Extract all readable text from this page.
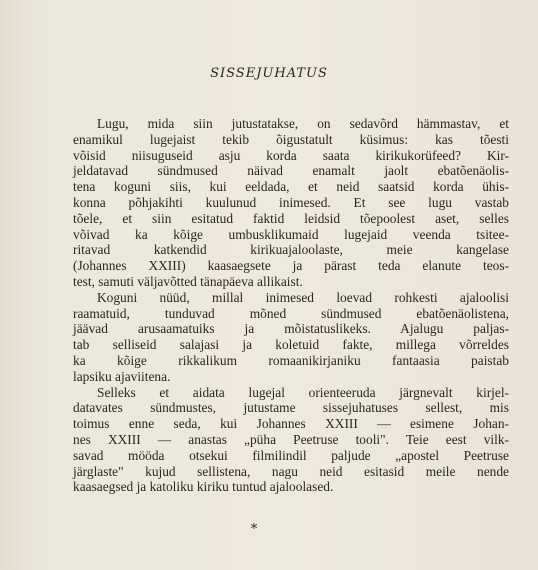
SISSEJUHATUS

Lugu, mida siin jutustatakse, on sedavõrd hämmastav, et
enamikul lugejaist tekib õigustatult küsimus: kas tõesti
võisid niisuguseid asju korda saata kirikukorüfeed? Kir-
jeldatavad sündmused näivad enamalt jaolt ebatõenäolis-
tena koguni siis, kui eeldada, et neid saatsid korda ühis-
konna põhjakihti kuulunud inimesed. Et see lugu vastab
tõele, et siin esitatud faktid leidsid tõepoolest aset, selles
võivad ka kõige umbusklikumaid lugejaid veenda tsitee-
ritavad katkendid kirikuajaloolaste, meie kangelase
(Johannes XXIII) kaasaegsete ja pärast teda elanute teos-
test, samuti väljavõtted tänapäeva allikaist.

Koguni nüüd, millal inimesed loevad rohkesti ajaloolisi
raamatuid, tunduvad mõned sündmused ebatõenäolistena,
jäävad arusaamatuiks ja mõistatuslikeks. Ajalugu paljas-
tab selliseid salajasi ja koletuid fakte, millega võrreldes
ka kõige rikkalikum romaanikirjaniku fantaasia paistab
lapsiku ajaviitena.

Selleks et aidata lugejal orienteeruda järgnevalt kirjel-
datavates sündmustes, jutustame sissejuhatuses sellest, mis
toimus enne seda, kui Johannes XXIII — esimene Johan-
nes XXIII — anastas „püha Peetruse tooli". Teie eest vilk-
savad mööda otsekui filmilindil paljude „apostel Peetruse
järglaste" kujud sellistena, nagu neid esitasid meile nende
kaasaegsed ja katoliku kiriku tuntud ajaloolased.

*
